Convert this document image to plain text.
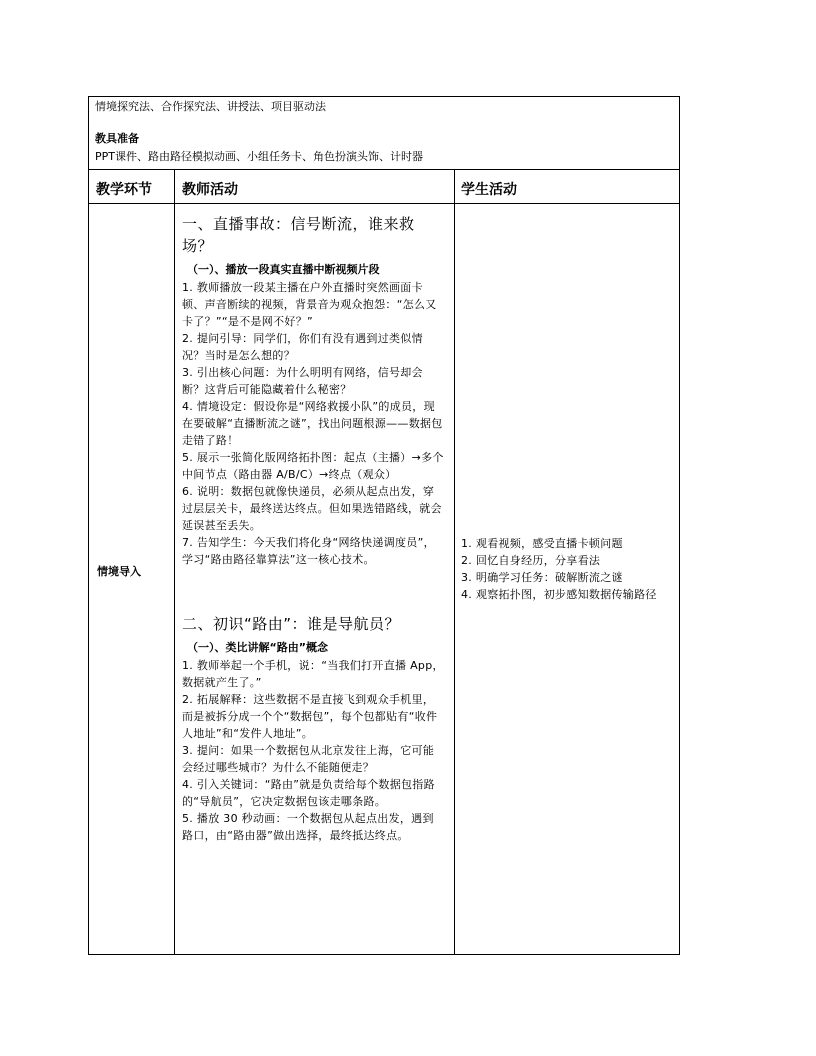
情境探究法、合作探究法、讲授法、项目驱动法
教具准备
PPT课件、路由路径模拟动画、小组任务卡、角色扮演头饰、计时器
教学环节 教师活动	学生活动
情境导入

一、直播事故：信号断流，谁来救场？

（一）、播放一段真实直播中断视频片段

1. 教师播放一段某主播在户外直播时突然画面卡顿、声音断续的视频，背景音为观众抱怨：“怎么又卡了？”“是不是网不好？”

2. 提问引导：同学们，你们有没有遇到过类似情况？当时是怎么想的？

3. 引出核心问题：为什么明明有网络，信号却会断？这背后可能隐藏着什么秘密？

4. 情境设定：假设你是“网络救援小队”的成员，现在要破解“直播断流之谜”，找出问题根源——数据包走错了路！

5. 展示一张简化版网络拓扑图：起点（主播）→多个中间节点（路由器 A/B/C）→终点（观众）

6. 说明：数据包就像快递员，必须从起点出发，穿过层层关卡，最终送达终点。但如果选错路线，就会延误甚至丢失。

7. 告知学生：今天我们将化身“网络快递调度员”，学习“路由路径靠算法”这一核心技术。

二、初识“路由”：谁是导航员？

（一）、类比讲解“路由”概念

1. 教师举起一个手机，说：“当我们打开直播 App，数据就产生了。”

2. 拓展解释：这些数据不是直接飞到观众手机里，而是被拆分成一个个“数据包”，每个包都贴有“收件人地址”和“发件人地址”。

3. 提问：如果一个数据包从北京发往上海，它可能会经过哪些城市？为什么不能随便走？

4. 引入关键词：“路由”就是负责给每个数据包指路的“导航员”，它决定数据包该走哪条路。

5. 播放 30 秒动画：一个数据包从起点出发，遇到路口，由“路由器”做出选择，最终抵达终点。

1. 观看视频，感受直播卡顿问题

2. 回忆自身经历，分享看法

3. 明确学习任务：破解断流之谜

4. 观察拓扑图，初步感知数据传输路径
